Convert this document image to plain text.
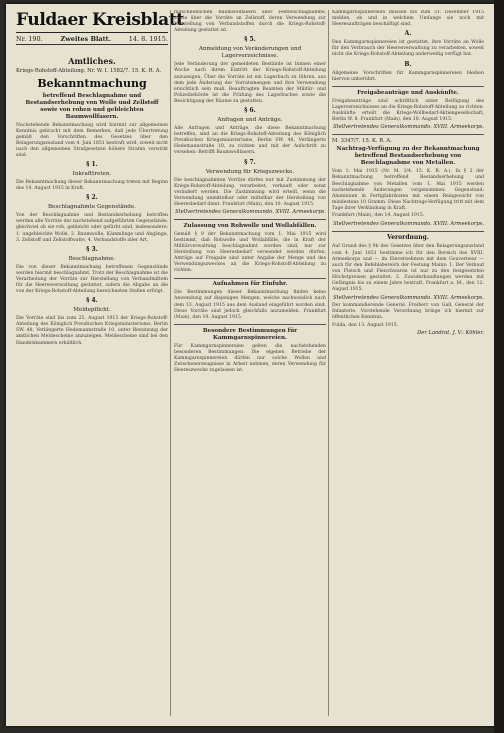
Fuldaer Kreisblatt
Nr. 190.	Zweites Blatt.	14. 8. 1915.
Amtliches.

Kriegs-Rohstoff-Abteilung. Nr. W. I. 1582/7. 15. K. R. A.

Bekanntmachung

betreffend Beschlagnahme und Bestandserhebung von Wolle und Zellstoff sowie von rohen und gebleichten Baumwollfasern.

Nachstehende Bekanntmachung wird hiermit zur allgemeinen Kenntnis gebracht mit dem Bemerken, daß jede Übertretung gemäß den Vorschriften des Gesetzes über den Belagerungszustand vom 4. Juni 1851 bestraft wird, soweit nicht nach den allgemeinen Strafgesetzen höhere Strafen verwirkt sind.

§ 1.
Inkrafttreten.

Die Bekanntmachung dieser Bekanntmachung treten mit Beginn des 14. August 1915 in Kraft.

§ 2.
Beschlagnahmte Gegenstände.

Von der Beschlagnahme und Bestandserhebung betroffen werden alle Vorräte der nachstehend aufgeführten Gegenstände, gleichviel ob sie roh, gebleicht oder gefärbt sind, insbesondere: 1. ungebleichte Wolle, 2. Baumwolle, Kämmlinge und Abgänge, 3. Zellstoff und Zellstoffwatte, 4. Verbandstoffe aller Art.

§ 3.
Beschlagnahme.

Die von dieser Bekanntmachung betroffenen Gegenstände werden hiermit beschlagnahmt. Trotz der Beschlagnahme ist die Verarbeitung der Vorräte zur Herstellung von Verbandmitteln für die Heeresverwaltung gestattet, sofern die Abgabe an die von der Kriegs-Rohstoff-Abteilung bezeichneten Stellen erfolgt.

§ 4.
Meldepflicht.

Die Vorräte sind bis zum 25. August 1915 der Kriegs-Rohstoff-Abteilung des Königlich Preußischen Kriegsministeriums, Berlin SW. 48, Verlängerte Hedemannstraße 10, unter Benutzung der amtlichen Meldescheine anzuzeigen. Meldescheine sind bei den Handelskammern erhältlich.

mitschließlichen Baumwollfasern aller Festbeschlagnahme, sowie über die Vorräte an Zellstoff, deren Verwendung zur Herstellung von Verbandstoffen durch die Kriegs-Rohstoff-Abteilung gestattet ist.

§ 5.
Anmeldung von Veränderungen und Lagerverzeichnisse.

Jede Veränderung der gemeldeten Bestände ist binnen einer Woche nach ihrem Eintritt der Kriegs-Rohstoff-Abteilung anzuzeigen. Über die Vorräte ist ein Lagerbuch zu führen, aus dem jede Änderung der Vorratsmengen und ihre Verwendung ersichtlich sein muß. Beauftragten Beamten der Militär- und Polizeibehörde ist die Prüfung des Lagerbuches sowie die Besichtigung der Räume zu gestatten.

§ 6.
Anfragen und Anträge.

Alle Anfragen und Anträge, die diese Bekanntmachung betreffen, sind an die Kriegs-Rohstoff-Abteilung des Königlich Preußischen Kriegsministeriums, Berlin SW. 48, Verlängerte Hedemannstraße 10, zu richten und mit der Aufschrift zu versehen: Betrifft Baumwollfasern.

§ 7.
Verwendung für Kriegszwecke.

Die beschlagnahmten Vorräte dürfen nur mit Zustimmung der Kriegs-Rohstoff-Abteilung verarbeitet, verkauft oder sonst veräußert werden. Die Zustimmung wird erteilt, wenn die Verwendung unmittelbar oder mittelbar der Herstellung von Heeresbedarf dient. Frankfurt (Main), den 10. August 1915.

Stellvertretendes Generalkommando. XVIII. Armeekorps.

Zulassung von Rohwolle und Wollabfällen.

Gemäß § 9 der Bekanntmachung vom 1. Mai 1915 wird bestimmt, daß Rohwolle und Wollabfälle, die in Kraft der Militärverwaltung beschlagnahmt worden sind, nur zur Herstellung von Heeresbedarf verwendet werden dürfen. Anträge auf Freigabe sind unter Angabe der Menge und des Verwendungszweckes an die Kriegs-Rohstoff-Abteilung zu richten.

Aufnahmen für Einfuhr.

Die Bestimmungen dieser Bekanntmachung finden keine Anwendung auf diejenigen Mengen, welche nachweislich nach dem 13. August 1915 aus dem Ausland eingeführt worden sind. Diese Vorräte sind jedoch gleichfalls anzumelden. Frankfurt (Main), den 10. August 1915.

Besondere Bestimmungen für Kammgarnspinnereien.

Für Kammgarnspinnereien gelten die nachstehenden besonderen Bestimmungen: Die eigenen Betriebe der Kammgarnspinnereien dürfen nur solche Wollen und Zwischenerzeugnisse in Arbeit nehmen, deren Verwendung für Heereszwecke zugelassen ist.

Kammgarnspinnereien müssen bis zum 31. Dezember 1915 melden, ob und in welchem Umfange sie noch mit Heeresaufträgen beschäftigt sind.

A.

Den Kammgarnspinnereien ist gestattet, ihre Vorräte an Wolle für den Verbrauch der Heeresverwaltung zu verarbeiten, soweit nicht die Kriegs-Rohstoff-Abteilung anderweitig verfügt hat.

B.

Allgemeine Vorschriften für Kammgarnspinnereien bleiben hiervon unberührt.

Freigabeanträge und Auskünfte.

Freigabeanträge sind schriftlich unter Beifügung des Lagerverzeichnisses an die Kriegs-Rohstoff-Abteilung zu richten. Auskünfte erteilt die Kriegs-Wollbedarf-Aktiengesellschaft, Berlin W. 8. Frankfurt (Main), den 10. August 1915.

Stellvertretendes Generalkommando. XVIII. Armeekorps.

M. 3347/7. 15. K. R. A.

Nachtrag-Verfügung zu der Bekanntmachung betreffend Bestandserhebung von Beschlagnahme von Metallen.

Vom 1. Mai 1915 (Nr. M. 1/4. 15. K. R. A.). In § 2 der Bekanntmachung betreffend Bestandserhebung und Beschlagnahme von Metallen vom 1. Mai 1915 werden nachstehende Änderungen vorgenommen: Gegenstand: Aluminium in Fertigfabrikaten mit einem Reingewicht von mindestens 10 Gramm. Diese Nachtrags-Verfügung tritt mit dem Tage ihrer Verkündung in Kraft.

Frankfurt (Main), den 14. August 1915.

Stellvertretendes Generalkommando. XVIII. Armeekorps.

Verordnung.

Auf Grund des § 9b des Gesetzes über den Belagerungszustand vom 4. Juni 1851 bestimme ich für den Bereich des XVIII. Armeekorps und — im Einvernehmen mit dem Gouverneur — auch für den Befehlsbereich der Festung Mainz: 1. Der Verkauf von Fleisch und Fleischwaren ist nur zu den festgesetzten Höchstpreisen gestattet. 2. Zuwiderhandlungen werden mit Gefängnis bis zu einem Jahre bestraft. Frankfurt a. M., den 12. August 1915.

Stellvertretendes Generalkommando. XVIII. Armeekorps.

Der kommandierende General. Freiherr von Gall, General der Infanterie. Vorstehende Verordnung bringe ich hiermit zur öffentlichen Kenntnis.

Fulda, den 13. August 1915.

Der Landrat. J. V.: Köhler.
